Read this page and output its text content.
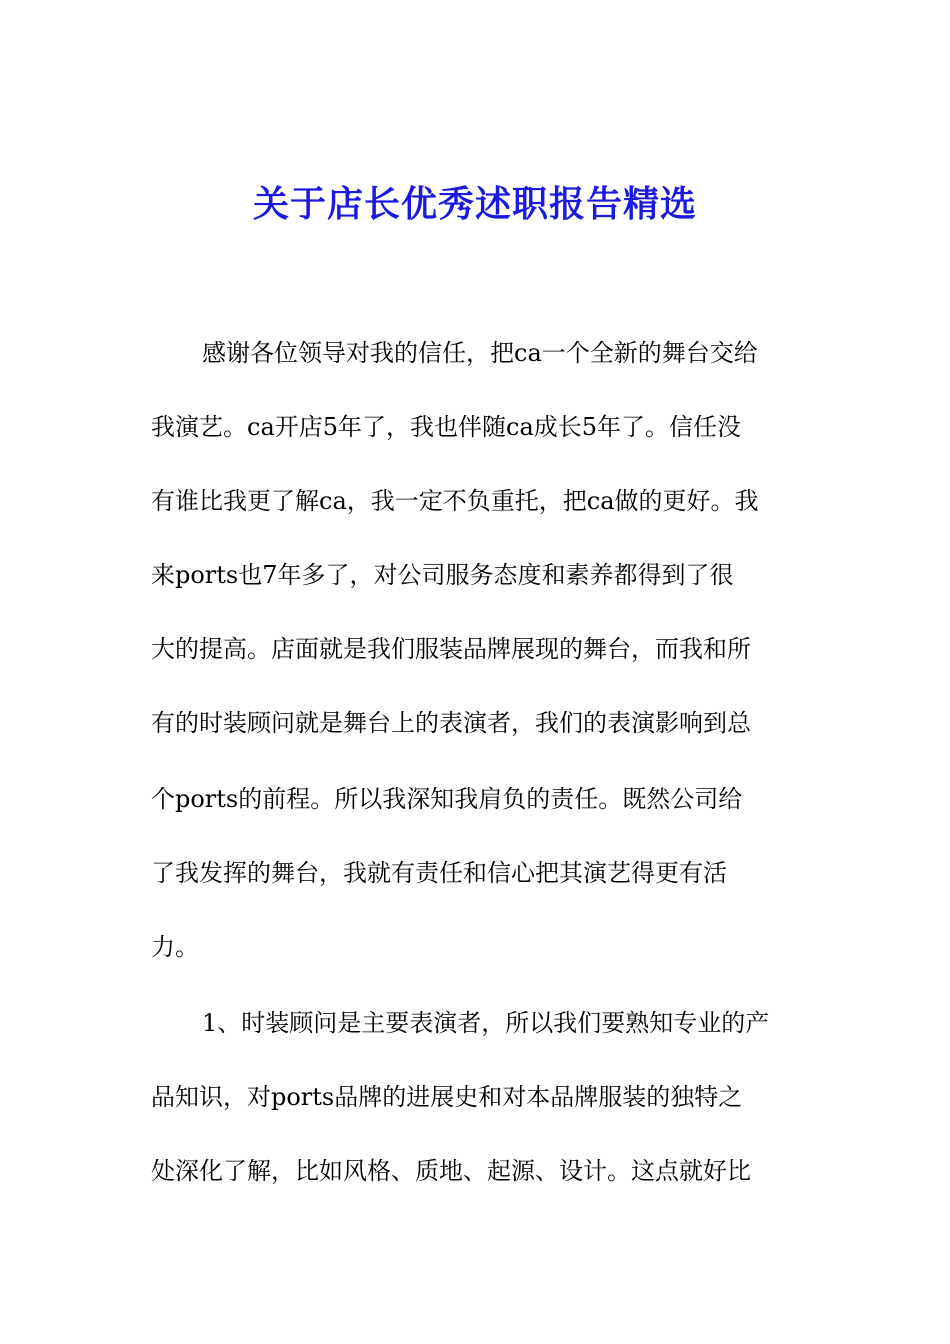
关于店长优秀述职报告精选
感谢各位领导对我的信任，把ca一个全新的舞台交给
我演艺。ca开店5年了，我也伴随ca成长5年了。信任没
有谁比我更了解ca，我一定不负重托，把ca做的更好。我
来ports也7年多了，对公司服务态度和素养都得到了很
大的提高。店面就是我们服装品牌展现的舞台，而我和所
有的时装顾问就是舞台上的表演者，我们的表演影响到总
个ports的前程。所以我深知我肩负的责任。既然公司给
了我发挥的舞台，我就有责任和信心把其演艺得更有活
力。
1、时装顾问是主要表演者，所以我们要熟知专业的产
品知识，对ports品牌的进展史和对本品牌服装的独特之
处深化了解，比如风格、质地、起源、设计。这点就好比
